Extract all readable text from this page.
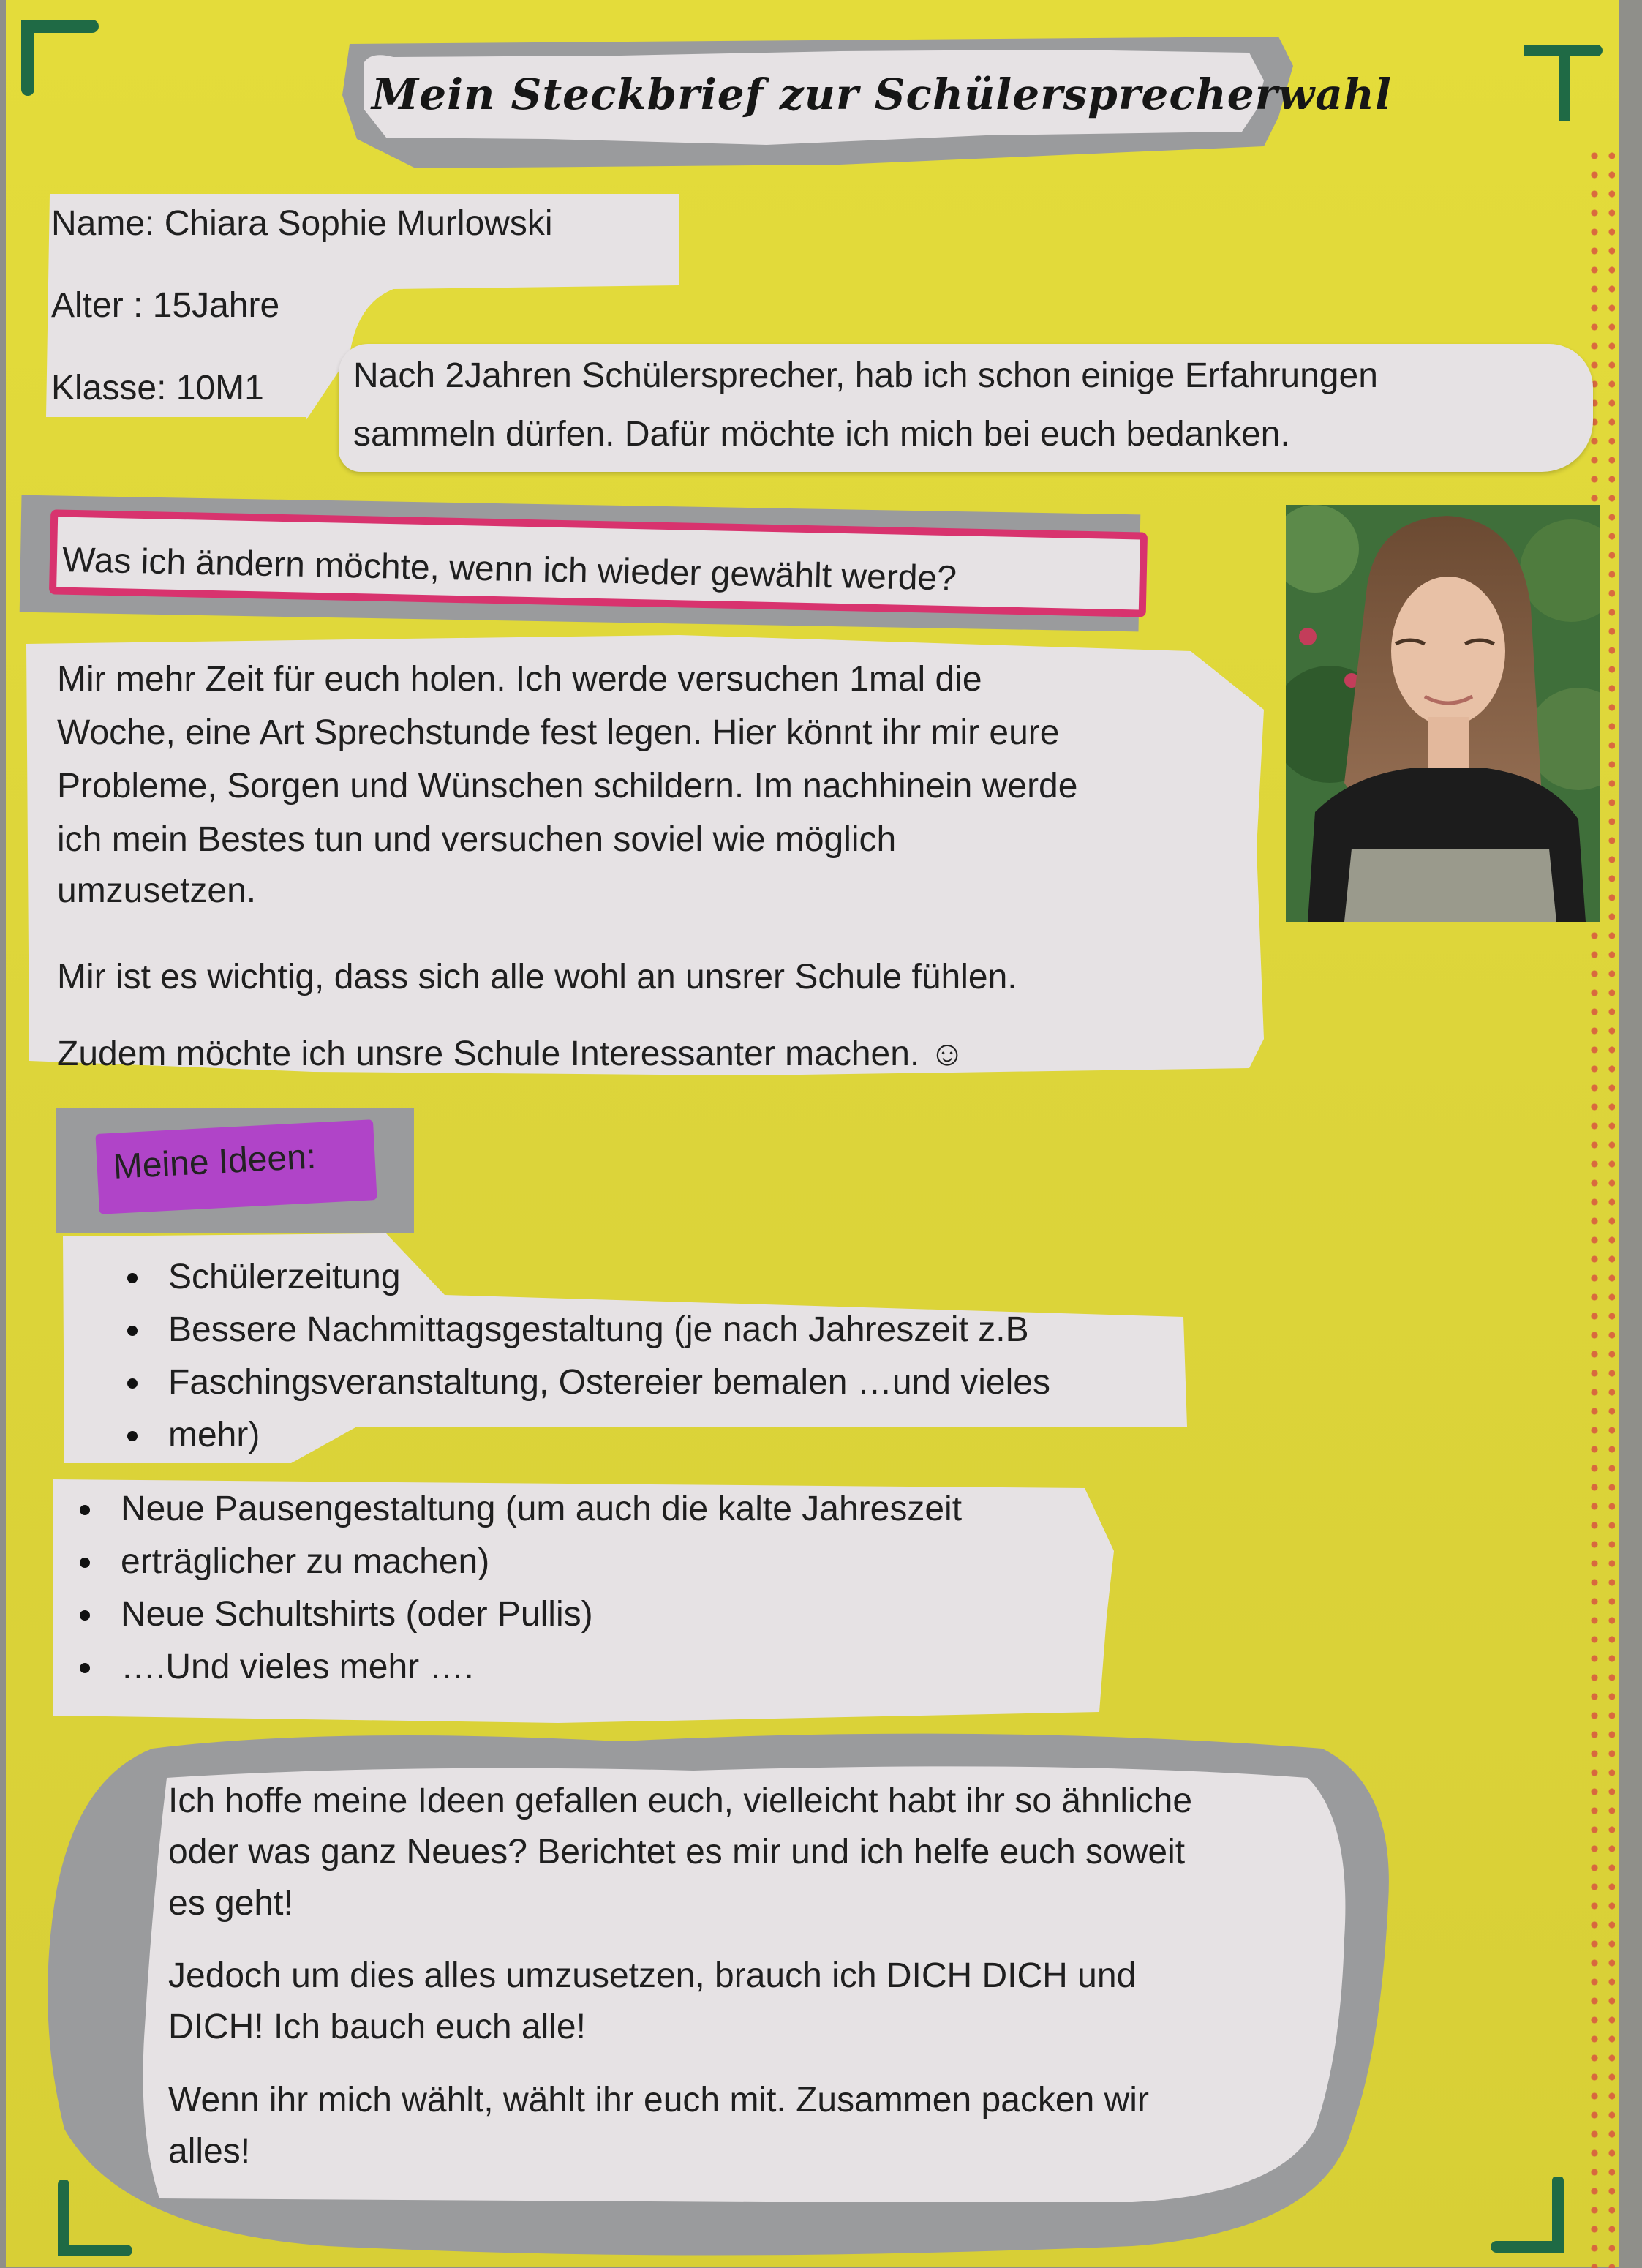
Mein Steckbrief zur Schülersprecherwahl
Name: Chiara Sophie Murlowski
Alter : 15Jahre
Klasse: 10M1	Nach 2Jahren Schülersprecher, hab ich schon einige Erfahrungen
sammeln dürfen. Dafür möchte ich mich bei euch bedanken.
Was ich ändern möchte, wenn ich wieder gewählt werde?
Mir mehr Zeit für euch holen. Ich werde versuchen 1mal die
Woche, eine Art Sprechstunde fest legen. Hier könnt ihr mir eure
Probleme, Sorgen und Wünschen schildern. Im nachhinein werde
ich mein Bestes tun und versuchen soviel wie möglich
umzusetzen.
Mir ist es wichtig, dass sich alle wohl an unsrer Schule fühlen.
Zudem möchte ich unsre Schule Interessanter machen. ☺
Meine Ideen:
Schülerzeitung
Bessere Nachmittagsgestaltung (je nach Jahreszeit z.B
Faschingsveranstaltung, Ostereier bemalen …und vieles
mehr)
Neue Pausengestaltung (um auch die kalte Jahreszeit
erträglicher zu machen)
Neue Schultshirts (oder Pullis)
….Und vieles mehr ….
Ich hoffe meine Ideen gefallen euch, vielleicht habt ihr so ähnliche
oder was ganz Neues? Berichtet es mir und ich helfe euch soweit
es geht!
Jedoch um dies alles umzusetzen, brauch ich DICH DICH und
DICH! Ich bauch euch alle!
Wenn ihr mich wählt, wählt ihr euch mit. Zusammen packen wir
alles!
